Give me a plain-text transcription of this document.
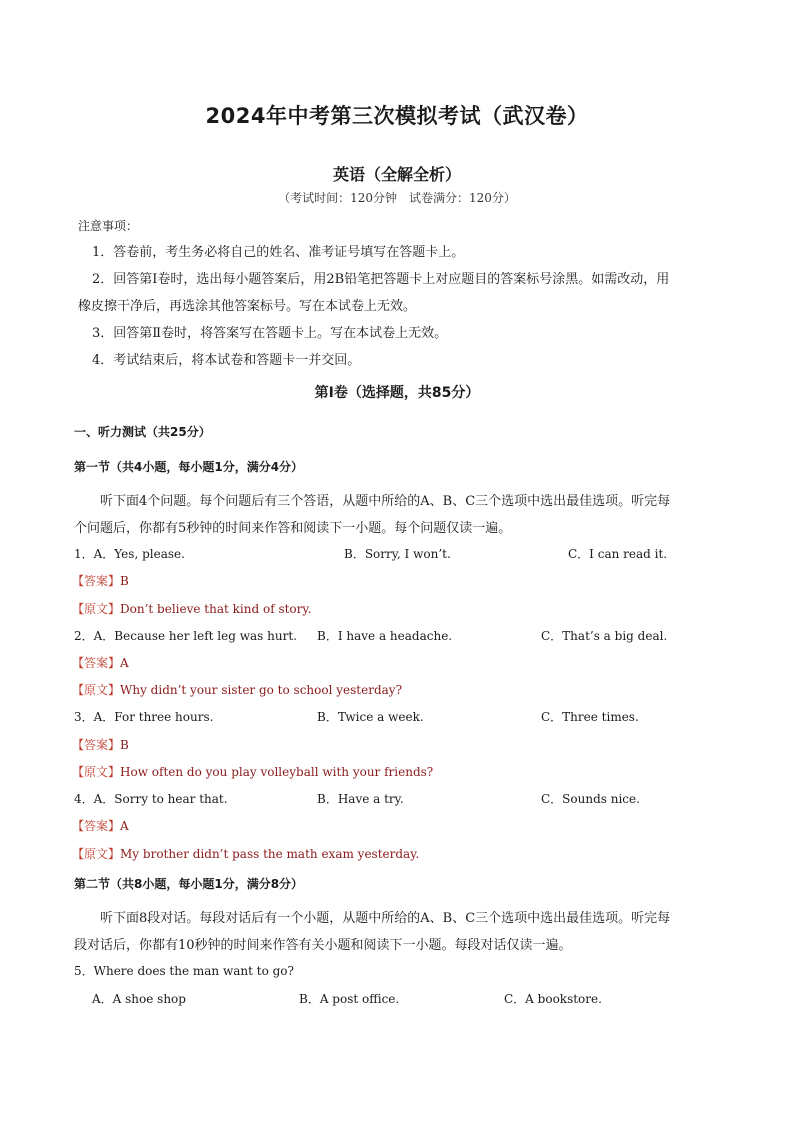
2024年中考第三次模拟考试（武汉卷）
英语（全解全析）
（考试时间：120分钟　试卷满分：120分）
注意事项：
1．答卷前，考生务必将自己的姓名、准考证号填写在答题卡上。
2．回答第Ⅰ卷时，选出每小题答案后，用2B铅笔把答题卡上对应题目的答案标号涂黑。如需改动，用
橡皮擦干净后，再选涂其他答案标号。写在本试卷上无效。
3．回答第Ⅱ卷时，将答案写在答题卡上。写在本试卷上无效。
4．考试结束后，将本试卷和答题卡一并交回。
第Ⅰ卷（选择题，共85分）
一、听力测试（共25分）
第一节（共4小题，每小题1分，满分4分）
听下面4个问题。每个问题后有三个答语，从题中所给的A、B、C三个选项中选出最佳选项。听完每
个问题后，你都有5秒钟的时间来作答和阅读下一小题。每个问题仅读一遍。
1．A．Yes, please.	B．Sorry, I won’t.	C．I can read it.
【答案】B
【原文】Don’t believe that kind of story.
2．A．Because her left leg was hurt. B．I have a headache.	C．That’s a big deal.
【答案】A
【原文】Why didn’t your sister go to school yesterday?
3．A．For three hours.	B．Twice a week.	C．Three times.
【答案】B
【原文】How often do you play volleyball with your friends?
4．A．Sorry to hear that.	B．Have a try.	C．Sounds nice.
【答案】A
【原文】My brother didn’t pass the math exam yesterday.
第二节（共8小题，每小题1分，满分8分）
听下面8段对话。每段对话后有一个小题，从题中所给的A、B、C三个选项中选出最佳选项。听完每
段对话后，你都有10秒钟的时间来作答有关小题和阅读下一小题。每段对话仅读一遍。
5．Where does the man want to go?
A．A shoe shop	B．A post office.	C．A bookstore.
